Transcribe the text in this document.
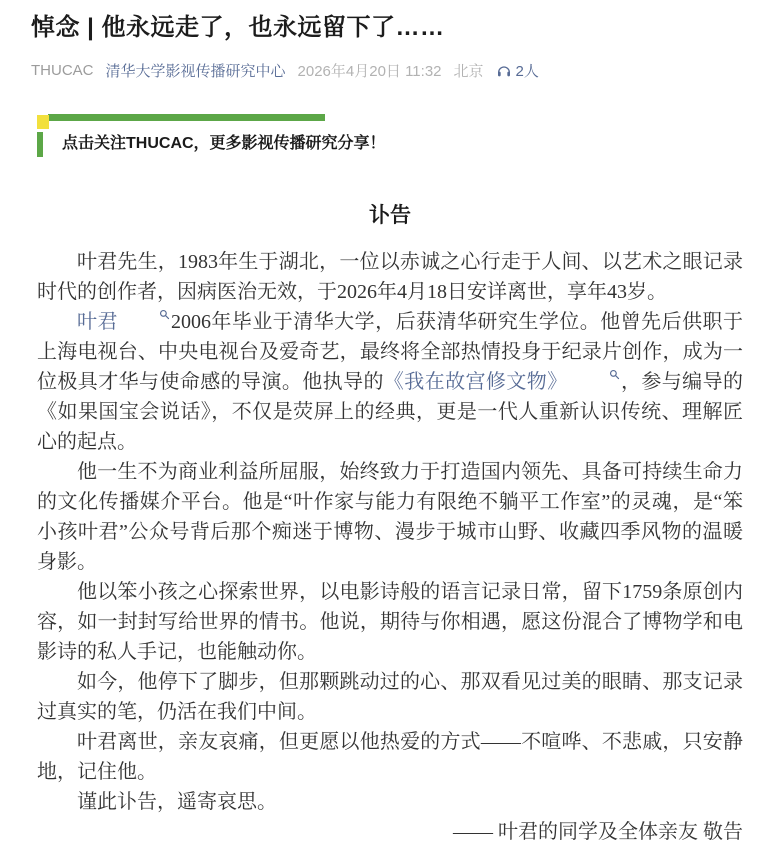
悼念 | 他永远走了，也永远留下了……
THUCAC 清华大学影视传播研究中心 2026年4月20日 11:32 北京 2人
点击关注THUCAC，更多影视传播研究分享！
讣告

叶君先生，1983年生于湖北，一位以赤诚之心行走于人间、以艺术之眼记录时代的创作者，因病医治无效，于2026年4月18日安详离世，享年43岁。

叶君	2006年毕业于清华大学，后获清华研究生学位。他曾先后供职于上海电视台、中央电视台及爱奇艺，最终将全部热情投身于纪录片创作，成为一位极具才华与使命感的导演。他执导的《我在故宫修文物》	，参与编导的《如果国宝会说话》，不仅是荧屏上的经典，更是一代人重新认识传统、理解匠心的起点。

他一生不为商业利益所屈服，始终致力于打造国内领先、具备可持续生命力的文化传播媒介平台。他是“叶作家与能力有限绝不躺平工作室”的灵魂，是“笨小孩叶君”公众号背后那个痴迷于博物、漫步于城市山野、收藏四季风物的温暖身影。

他以笨小孩之心探索世界，以电影诗般的语言记录日常，留下1759条原创内容，如一封封写给世界的情书。他说，期待与你相遇，愿这份混合了博物学和电影诗的私人手记，也能触动你。

如今，他停下了脚步，但那颗跳动过的心、那双看见过美的眼睛、那支记录过真实的笔，仍活在我们中间。

叶君离世，亲友哀痛，但更愿以他热爱的方式——不喧哗、不悲戚，只安静地，记住他。

谨此讣告，遥寄哀思。

—— 叶君的同学及全体亲友 敬告
